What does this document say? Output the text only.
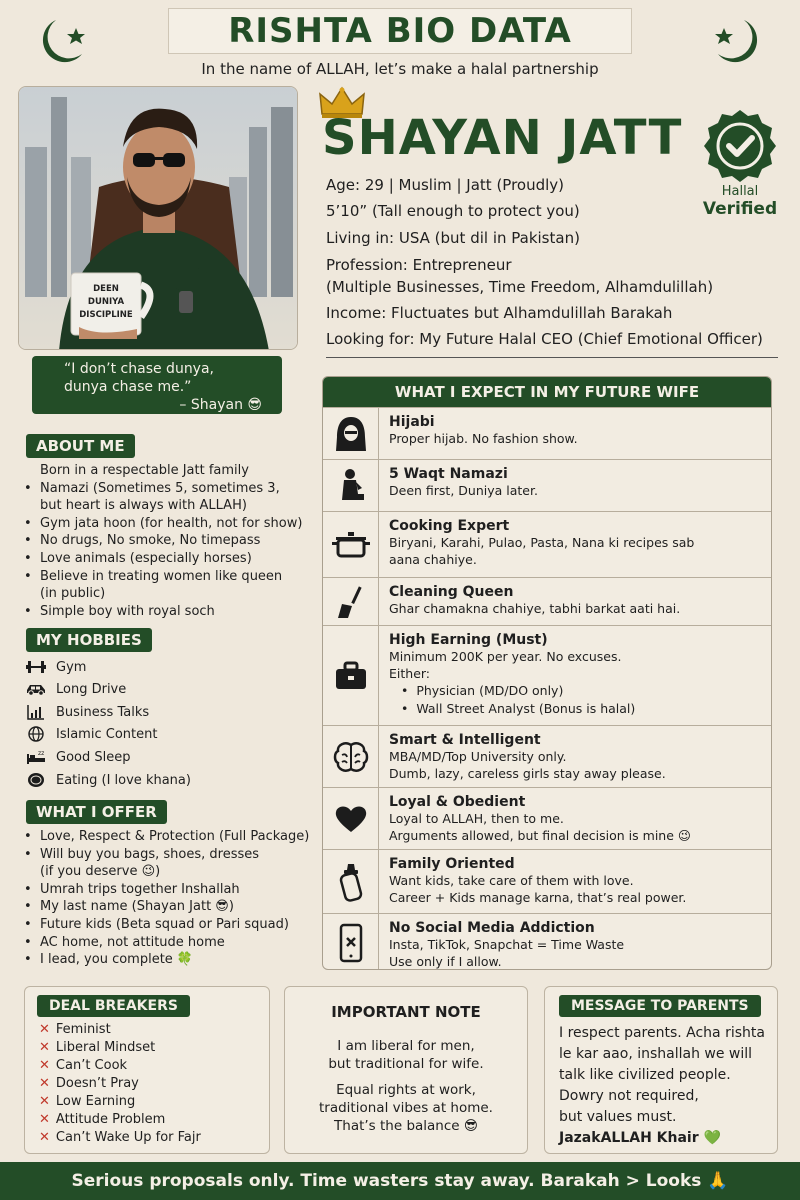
RISHTA BIO DATA
In the name of ALLAH, let’s make a halal partnership
DEEN
DUNIYA
DISCIPLINE
“I don’t chase dunya,
dunya chase me.”
– Shayan 😎
SHAYAN JATT
Hallal
Verified
Age: 29 | Muslim | Jatt (Proudly)
5’10” (Tall enough to protect you)
Living in: USA (but dil in Pakistan)
Profession: Entrepreneur
(Multiple Businesses, Time Freedom, Alhamdulillah)
Income: Fluctuates but Alhamdulillah Barakah
Looking for: My Future Halal CEO (Chief Emotional Officer)
WHAT I EXPECT IN MY FUTURE WIFE
Hijabi
Proper hijab. No fashion show.
5 Waqt Namazi
Deen first, Duniya later.
Cooking Expert
Biryani, Karahi, Pulao, Pasta, Nana ki recipes sab
aana chahiye.
Cleaning Queen
Ghar chamakna chahiye, tabhi barkat aati hai.
High Earning (Must)
Minimum 200K per year. No excuses.
Either:
•  Physician (MD/DO only)
•  Wall Street Analyst (Bonus is halal)
Smart & Intelligent
MBA/MD/Top University only.
Dumb, lazy, careless girls stay away please.
Loyal & Obedient
Loyal to ALLAH, then to me.
Arguments allowed, but final decision is mine 😉
Family Oriented
Want kids, take care of them with love.
Career + Kids manage karna, that’s real power.
No Social Media Addiction
Insta, TikTok, Snapchat = Time Waste
Use only if I allow.
ABOUT ME
Born in a respectable Jatt family
• Namazi (Sometimes 5, sometimes 3,
but heart is always with ALLAH)
• Gym jata hoon (for health, not for show)
• No drugs, No smoke, No timepass
• Love animals (especially horses)
• Believe in treating women like queen
(in public)
• Simple boy with royal soch
MY HOBBIES
Gym
Long Drive
Business Talks
Islamic Content
zz Good Sleep
Eating (I love khana)
WHAT I OFFER
• Love, Respect & Protection (Full Package)
• Will buy you bags, shoes, dresses
(if you deserve 😉)
• Umrah trips together Inshallah
• My last name (Shayan Jatt 😎)
• Future kids (Beta squad or Pari squad)
• AC home, not attitude home
• I lead, you complete 🍀
DEAL BREAKERS
✕ Feminist
✕ Liberal Mindset
✕ Can’t Cook
✕ Doesn’t Pray
✕ Low Earning
✕ Attitude Problem
✕ Can’t Wake Up for Fajr
IMPORTANT NOTE
I am liberal for men,
but traditional for wife.
Equal rights at work,
traditional vibes at home.
That’s the balance 😎
MESSAGE TO PARENTS
I respect parents. Acha rishta
le kar aao, inshallah we will
talk like civilized people.
Dowry not required,
but values must.
JazakALLAH Khair 💚
Serious proposals only. Time wasters stay away. Barakah > Looks 🙏
